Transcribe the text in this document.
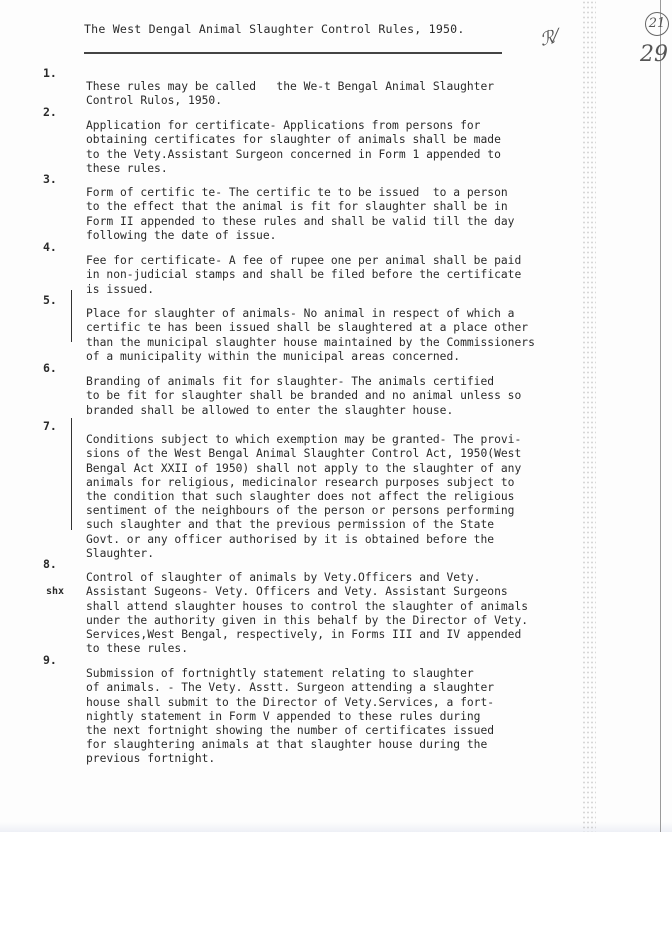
The West Dengal Animal Slaughter Control Rules, 1950.	ℛ⁄
21
29
1.

These rules may be called   the We-t Bengal Animal Slaughter
Control Rulos, 1950.
2.

Application for certificate- Applications from persons for
obtaining certificates for slaughter of animals shall be made
to the Vety.Assistant Surgeon concerned in Form 1 appended to
these rules.
3.

Form of certific te- The certific te to be issued  to a person
to the effect that the animal is fit for slaughter shall be in
Form II appended to these rules and shall be valid till the day
following the date of issue.
4.

Fee for certificate- A fee of rupee one per animal shall be paid
in non-judicial stamps and shall be filed before the certificate
is issued.
5.

Place for slaughter of animals- No animal in respect of which a
certific te has been issued shall be slaughtered at a place other
than the municipal slaughter house maintained by the Commissioners
of a municipality within the municipal areas concerned.
6.

Branding of animals fit for slaughter- The animals certified
to be fit for slaughter shall be branded and no animal unless so
branded shall be allowed to enter the slaughter house.
7.

Conditions subject to which exemption may be granted- The provi-
sions of the West Bengal Animal Slaughter Control Act, 1950(West
Bengal Act XXII of 1950) shall not apply to the slaughter of any
animals for religious, medicinalor research purposes subject to
the condition that such slaughter does not affect the religious
sentiment of the neighbours of the person or persons performing
such slaughter and that the previous permission of the State
Govt. or any officer authorised by it is obtained before the
Slaughter.
8.
shx

Control of slaughter of animals by Vety.Officers and Vety.
Assistant Sugeons- Vety. Officers and Vety. Assistant Surgeons
shall attend slaughter houses to control the slaughter of animals
under the authority given in this behalf by the Director of Vety.
Services,West Bengal, respectively, in Forms III and IV appended
to these rules.
9.

Submission of fortnightly statement relating to slaughter
of animals. - The Vety. Asstt. Surgeon attending a slaughter
house shall submit to the Director of Vety.Services, a fort-
nightly statement in Form V appended to these rules during
the next fortnight showing the number of certificates issued
for slaughtering animals at that slaughter house during the
previous fortnight.
